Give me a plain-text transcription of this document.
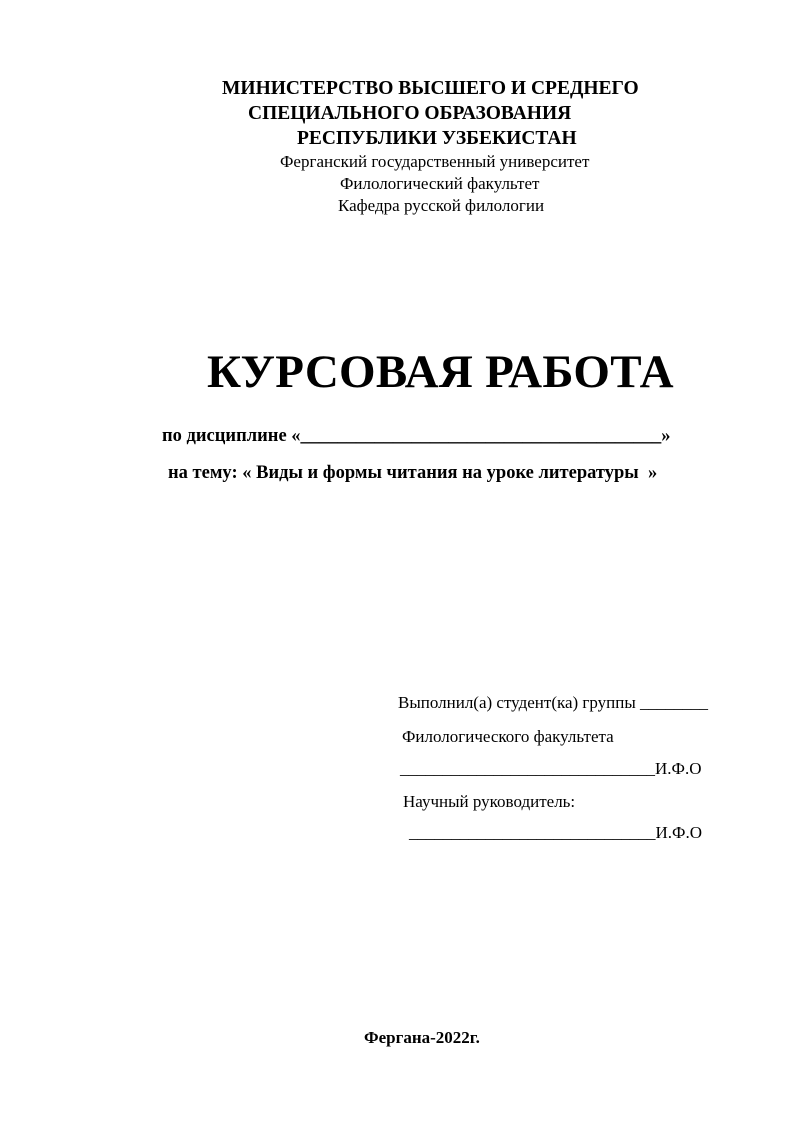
МИНИСТЕРСТВО ВЫСШЕГО И СРЕДНЕГО

СПЕЦИАЛЬНОГО ОБРАЗОВАНИЯ

РЕСПУБЛИКИ УЗБЕКИСТАН

Ферганский государственный университет

Филологический факультет

Кафедра русской филологии

КУРСОВАЯ РАБОТА

по дисциплине «_______________________________________»

на тему: « Виды и формы читания на уроке литературы  »

Выполнил(а) студент(ка) группы ________

Филологического факультета

______________________________И.Ф.О

Научный руководитель:

_____________________________И.Ф.О

Фергана-2022г.
